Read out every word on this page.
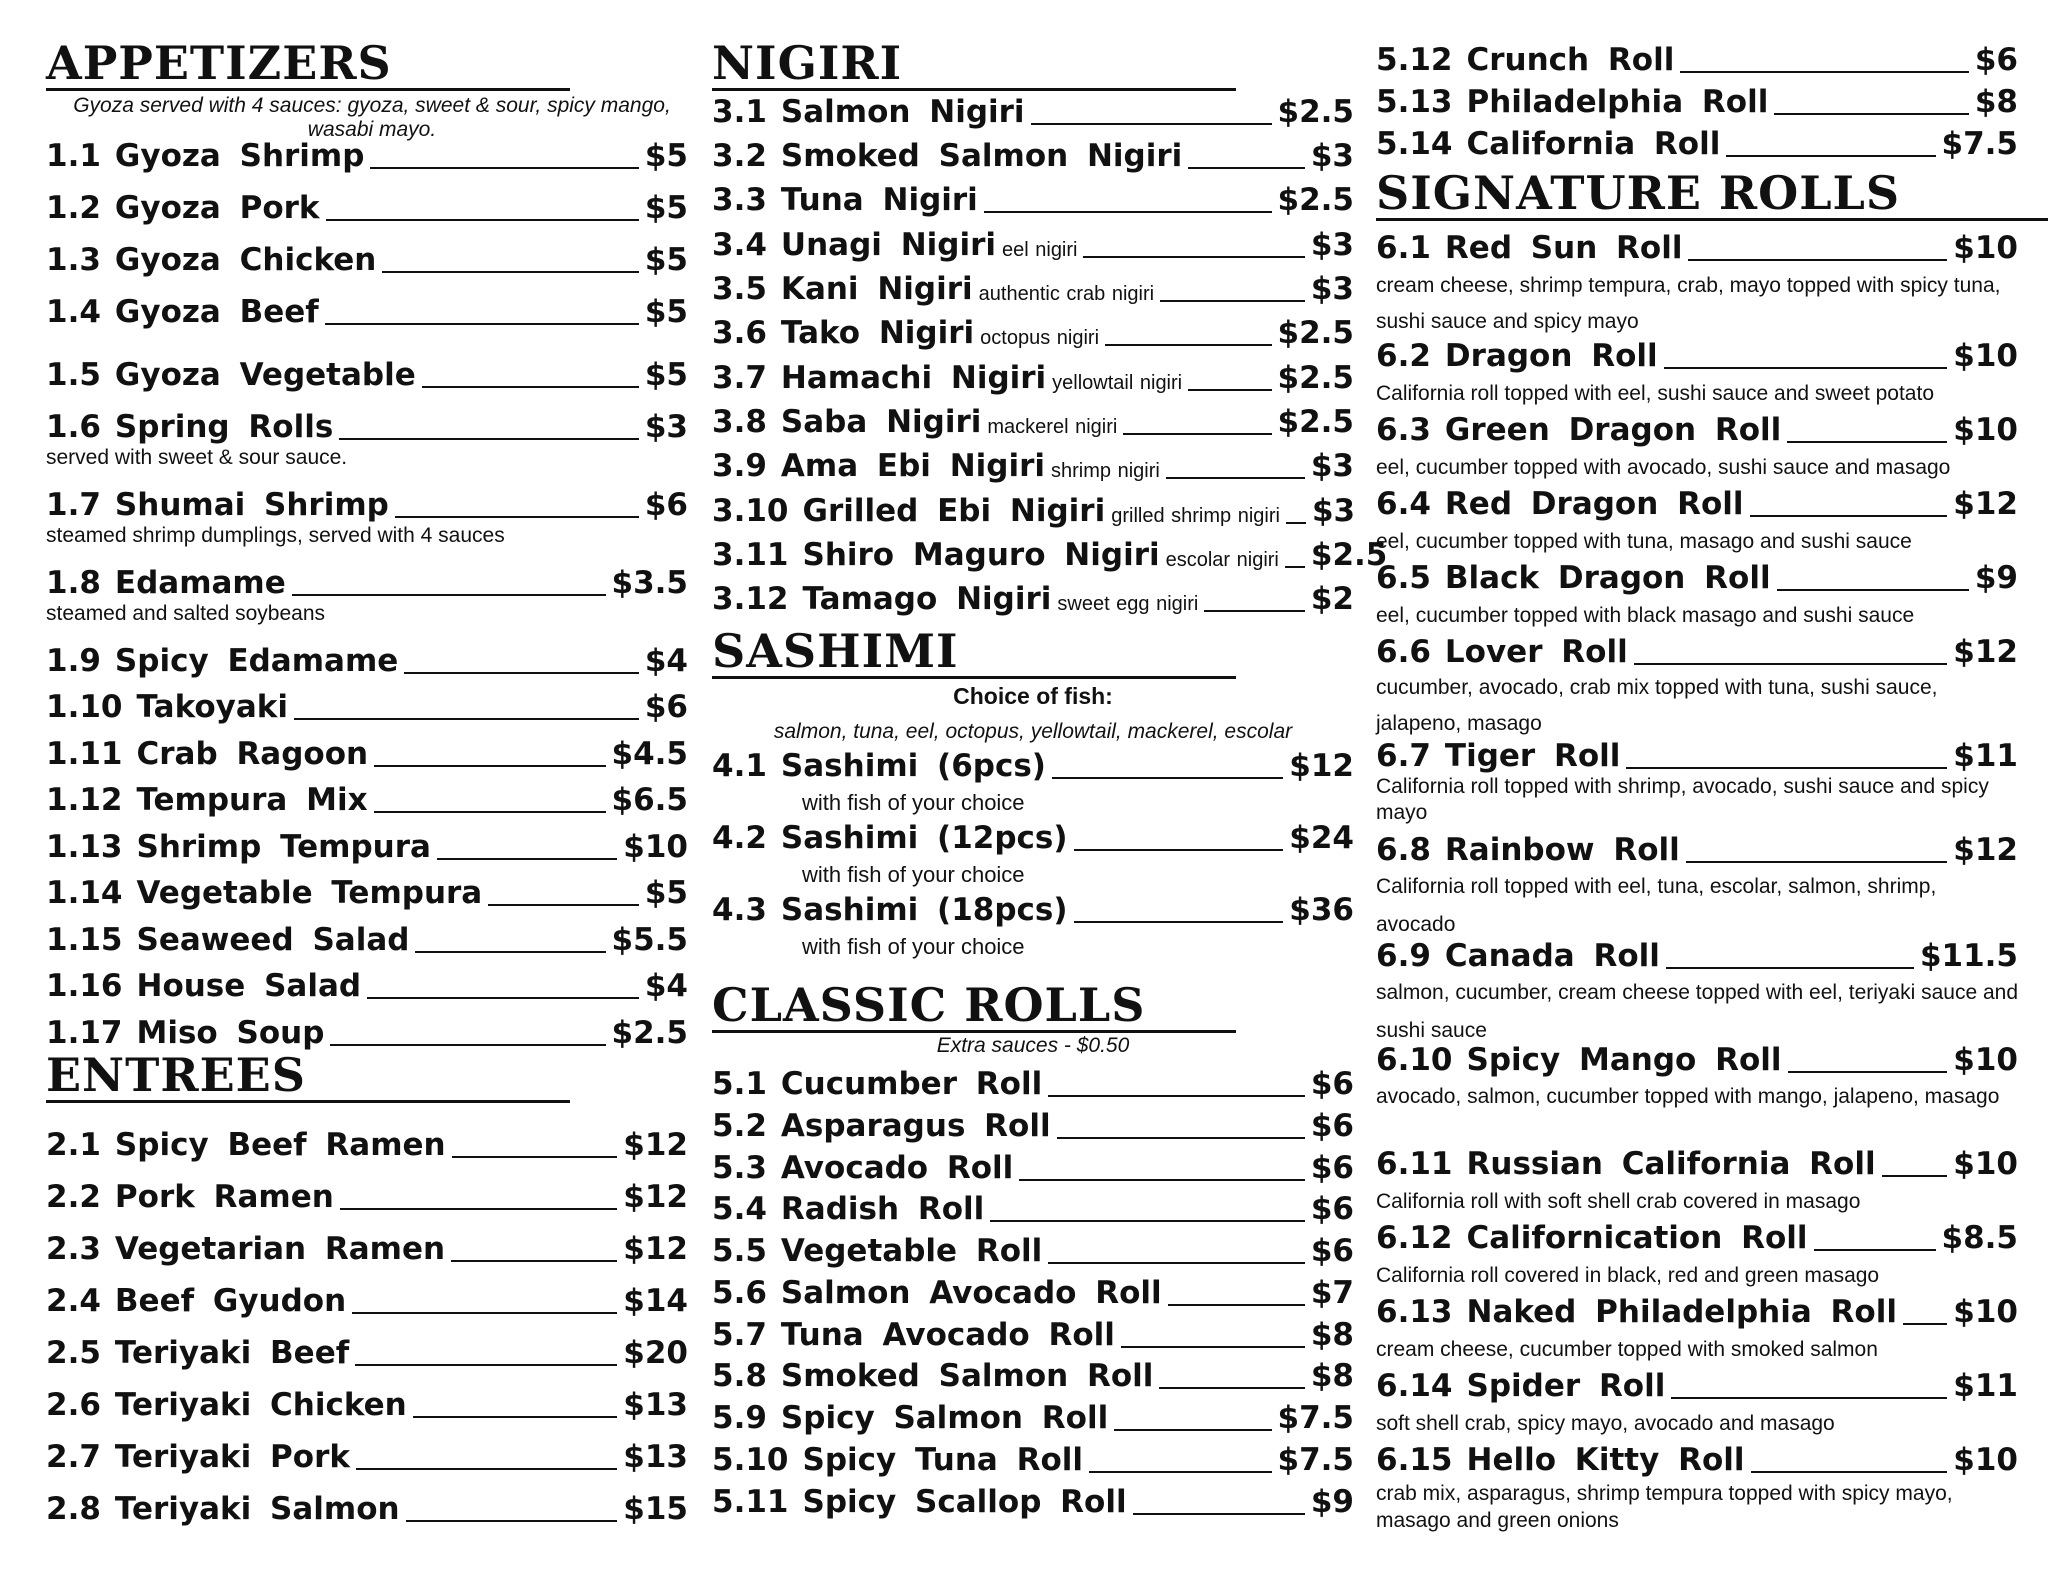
APPETIZERS
Gyoza served with 4 sauces: gyoza, sweet & sour, spicy mango, wasabi mayo.
1.1 Gyoza Shrimp	$5
1.2 Gyoza Pork	$5
1.3 Gyoza Chicken	$5
1.4 Gyoza Beef	$5
1.5 Gyoza Vegetable	$5
1.6 Spring Rolls	$3
served with sweet & sour sauce.
1.7 Shumai Shrimp	$6
steamed shrimp dumplings, served with 4 sauces
1.8 Edamame	$3.5
steamed and salted soybeans
1.9 Spicy Edamame	$4
1.10 Takoyaki	$6
1.11 Crab Ragoon	$4.5
1.12 Tempura Mix	$6.5
1.13 Shrimp Tempura	$10
1.14 Vegetable Tempura	$5
1.15 Seaweed Salad	$5.5
1.16 House Salad	$4
1.17 Miso Soup	$2.5
ENTREES
2.1 Spicy Beef Ramen	$12
2.2 Pork Ramen	$12
2.3 Vegetarian Ramen	$12
2.4 Beef Gyudon	$14
2.5 Teriyaki Beef	$20
2.6 Teriyaki Chicken	$13
2.7 Teriyaki Pork	$13
2.8 Teriyaki Salmon	$15
NIGIRI
3.1 Salmon Nigiri	$2.5
3.2 Smoked Salmon Nigiri	$3
3.3 Tuna Nigiri	$2.5
3.4 Unagi Nigiri eel nigiri	$3
3.5 Kani Nigiri authentic crab nigiri	$3
3.6 Tako Nigiri octopus nigiri	$2.5
3.7 Hamachi Nigiri yellowtail nigiri	$2.5
3.8 Saba Nigiri mackerel nigiri	$2.5
3.9 Ama Ebi Nigiri shrimp nigiri	$3
3.10 Grilled Ebi Nigiri grilled shrimp nigiri $3
3.11 Shiro Maguro Nigiri escolar nigiri $2.5
3.12 Tamago Nigiri sweet egg nigiri	$2
SASHIMI
Choice of fish:
salmon, tuna, eel, octopus, yellowtail, mackerel, escolar
4.1 Sashimi (6pcs)	$12
with fish of your choice
4.2 Sashimi (12pcs)	$24
with fish of your choice
4.3 Sashimi (18pcs)	$36
with fish of your choice
CLASSIC ROLLS
Extra sauces - $0.50
5.1 Cucumber Roll	$6
5.2 Asparagus Roll	$6
5.3 Avocado Roll	$6
5.4 Radish Roll	$6
5.5 Vegetable Roll	$6
5.6 Salmon Avocado Roll	$7
5.7 Tuna Avocado Roll	$8
5.8 Smoked Salmon Roll	$8
5.9 Spicy Salmon Roll	$7.5
5.10 Spicy Tuna Roll	$7.5
5.11 Spicy Scallop Roll	$9
5.12 Crunch Roll	$6
5.13 Philadelphia Roll	$8
5.14 California Roll	$7.5
SIGNATURE ROLLS
6.1 Red Sun Roll	$10
cream cheese, shrimp tempura, crab, mayo topped with spicy tuna, sushi sauce and spicy mayo
6.2 Dragon Roll	$10
California roll topped with eel, sushi sauce and sweet potato
6.3 Green Dragon Roll	$10
eel, cucumber topped with avocado, sushi sauce and masago
6.4 Red Dragon Roll	$12
eel, cucumber topped with tuna, masago and sushi sauce
6.5 Black Dragon Roll	$9
eel, cucumber topped with black masago and sushi sauce
6.6 Lover Roll	$12
cucumber, avocado, crab mix topped with tuna, sushi sauce, jalapeno, masago
6.7 Tiger Roll	$11
California roll topped with shrimp, avocado, sushi sauce and spicy mayo
6.8 Rainbow Roll	$12
California roll topped with eel, tuna, escolar, salmon, shrimp, avocado
6.9 Canada Roll	$11.5
salmon, cucumber, cream cheese topped with eel, teriyaki sauce and sushi sauce
6.10 Spicy Mango Roll	$10
avocado, salmon, cucumber topped with mango, jalapeno, masago
6.11 Russian California Roll	$10
California roll with soft shell crab covered in masago
6.12 Californication Roll	$8.5
California roll covered in black, red and green masago
6.13 Naked Philadelphia Roll $10
cream cheese, cucumber topped with smoked salmon
6.14 Spider Roll	$11
soft shell crab, spicy mayo, avocado and masago
6.15 Hello Kitty Roll	$10
crab mix, asparagus, shrimp tempura topped with spicy mayo, masago and green onions
